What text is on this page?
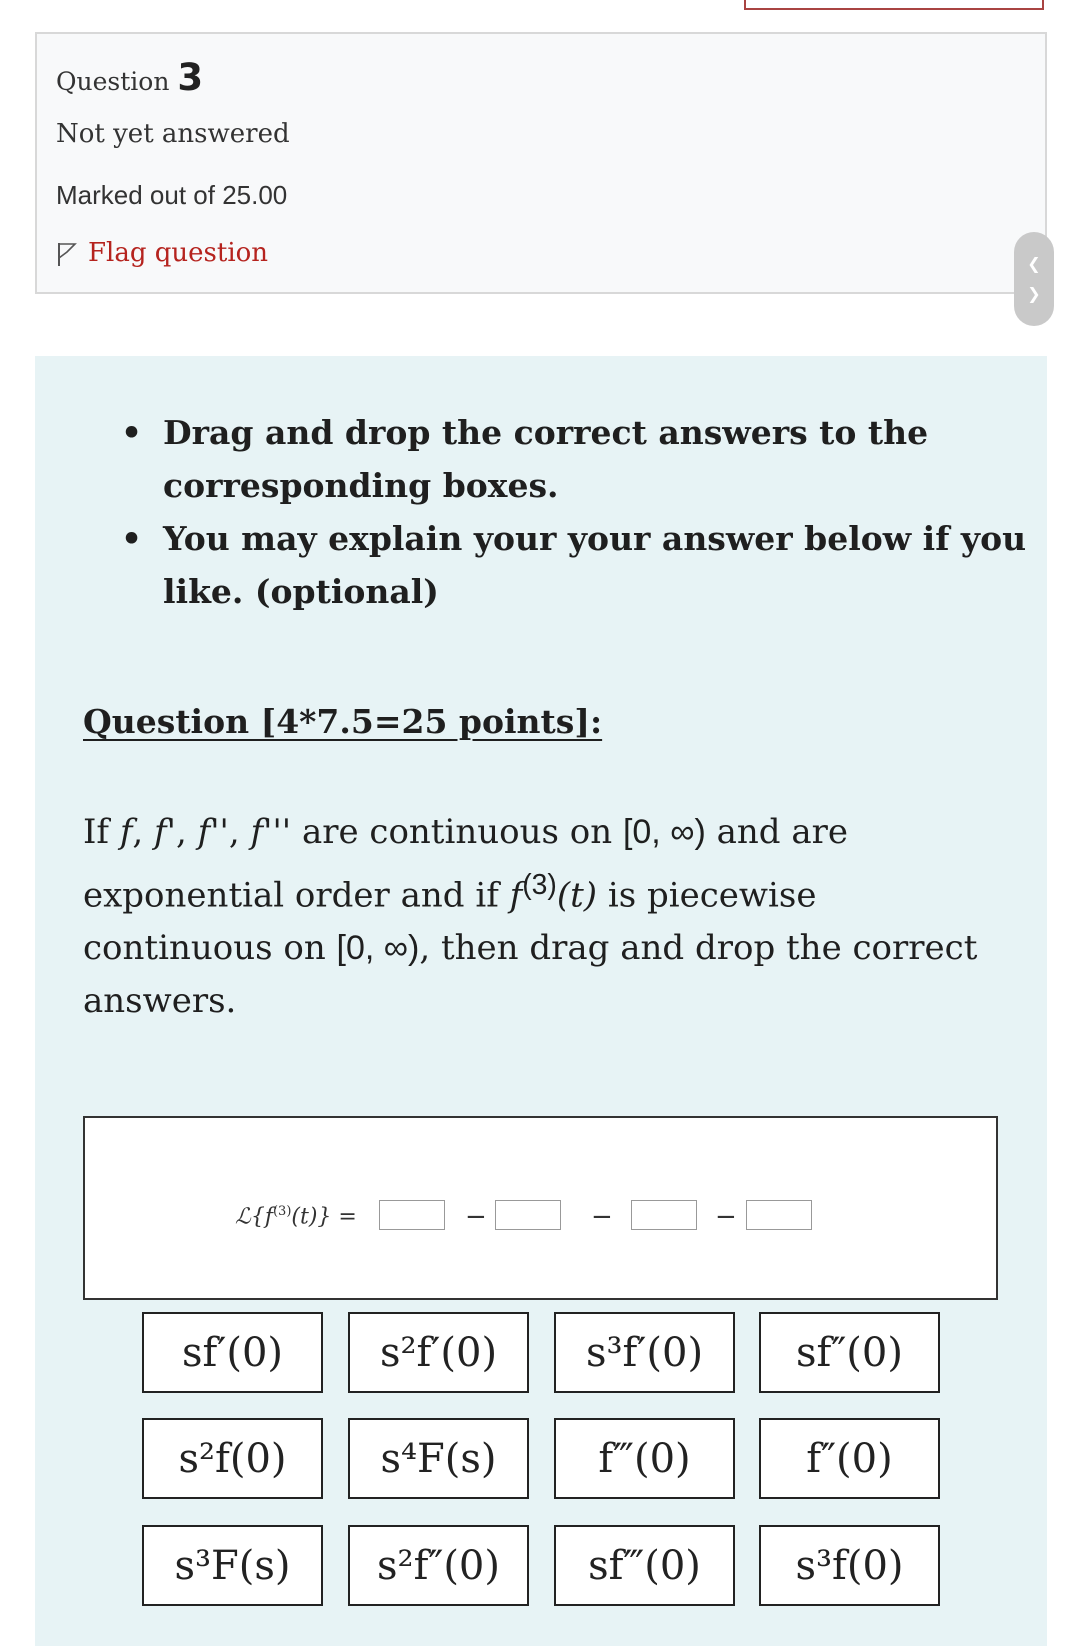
Question 3
Not yet answered
Marked out of 25.00
Flag question	❮
❯
• Drag and drop the correct answers to the corresponding boxes.
• You may explain your your answer below if you like. (optional)
Question [4*7.5=25 points]:
If f, f', f'', f''' are continuous on [0, ∞) and are exponential order and if $f^{(3)}(t)$ is piecewise continuous on [0, ∞), then drag and drop the correct answers.
$ℒ\{f^{(3)}(t)\}$ =	−	−	−
sf′(0)	s²f′(0)	s³f′(0)	sf″(0)
s²f(0)	s⁴F(s)	f‴(0)	f″(0)
s³F(s)	s²f″(0)	sf‴(0)	s³f(0)
